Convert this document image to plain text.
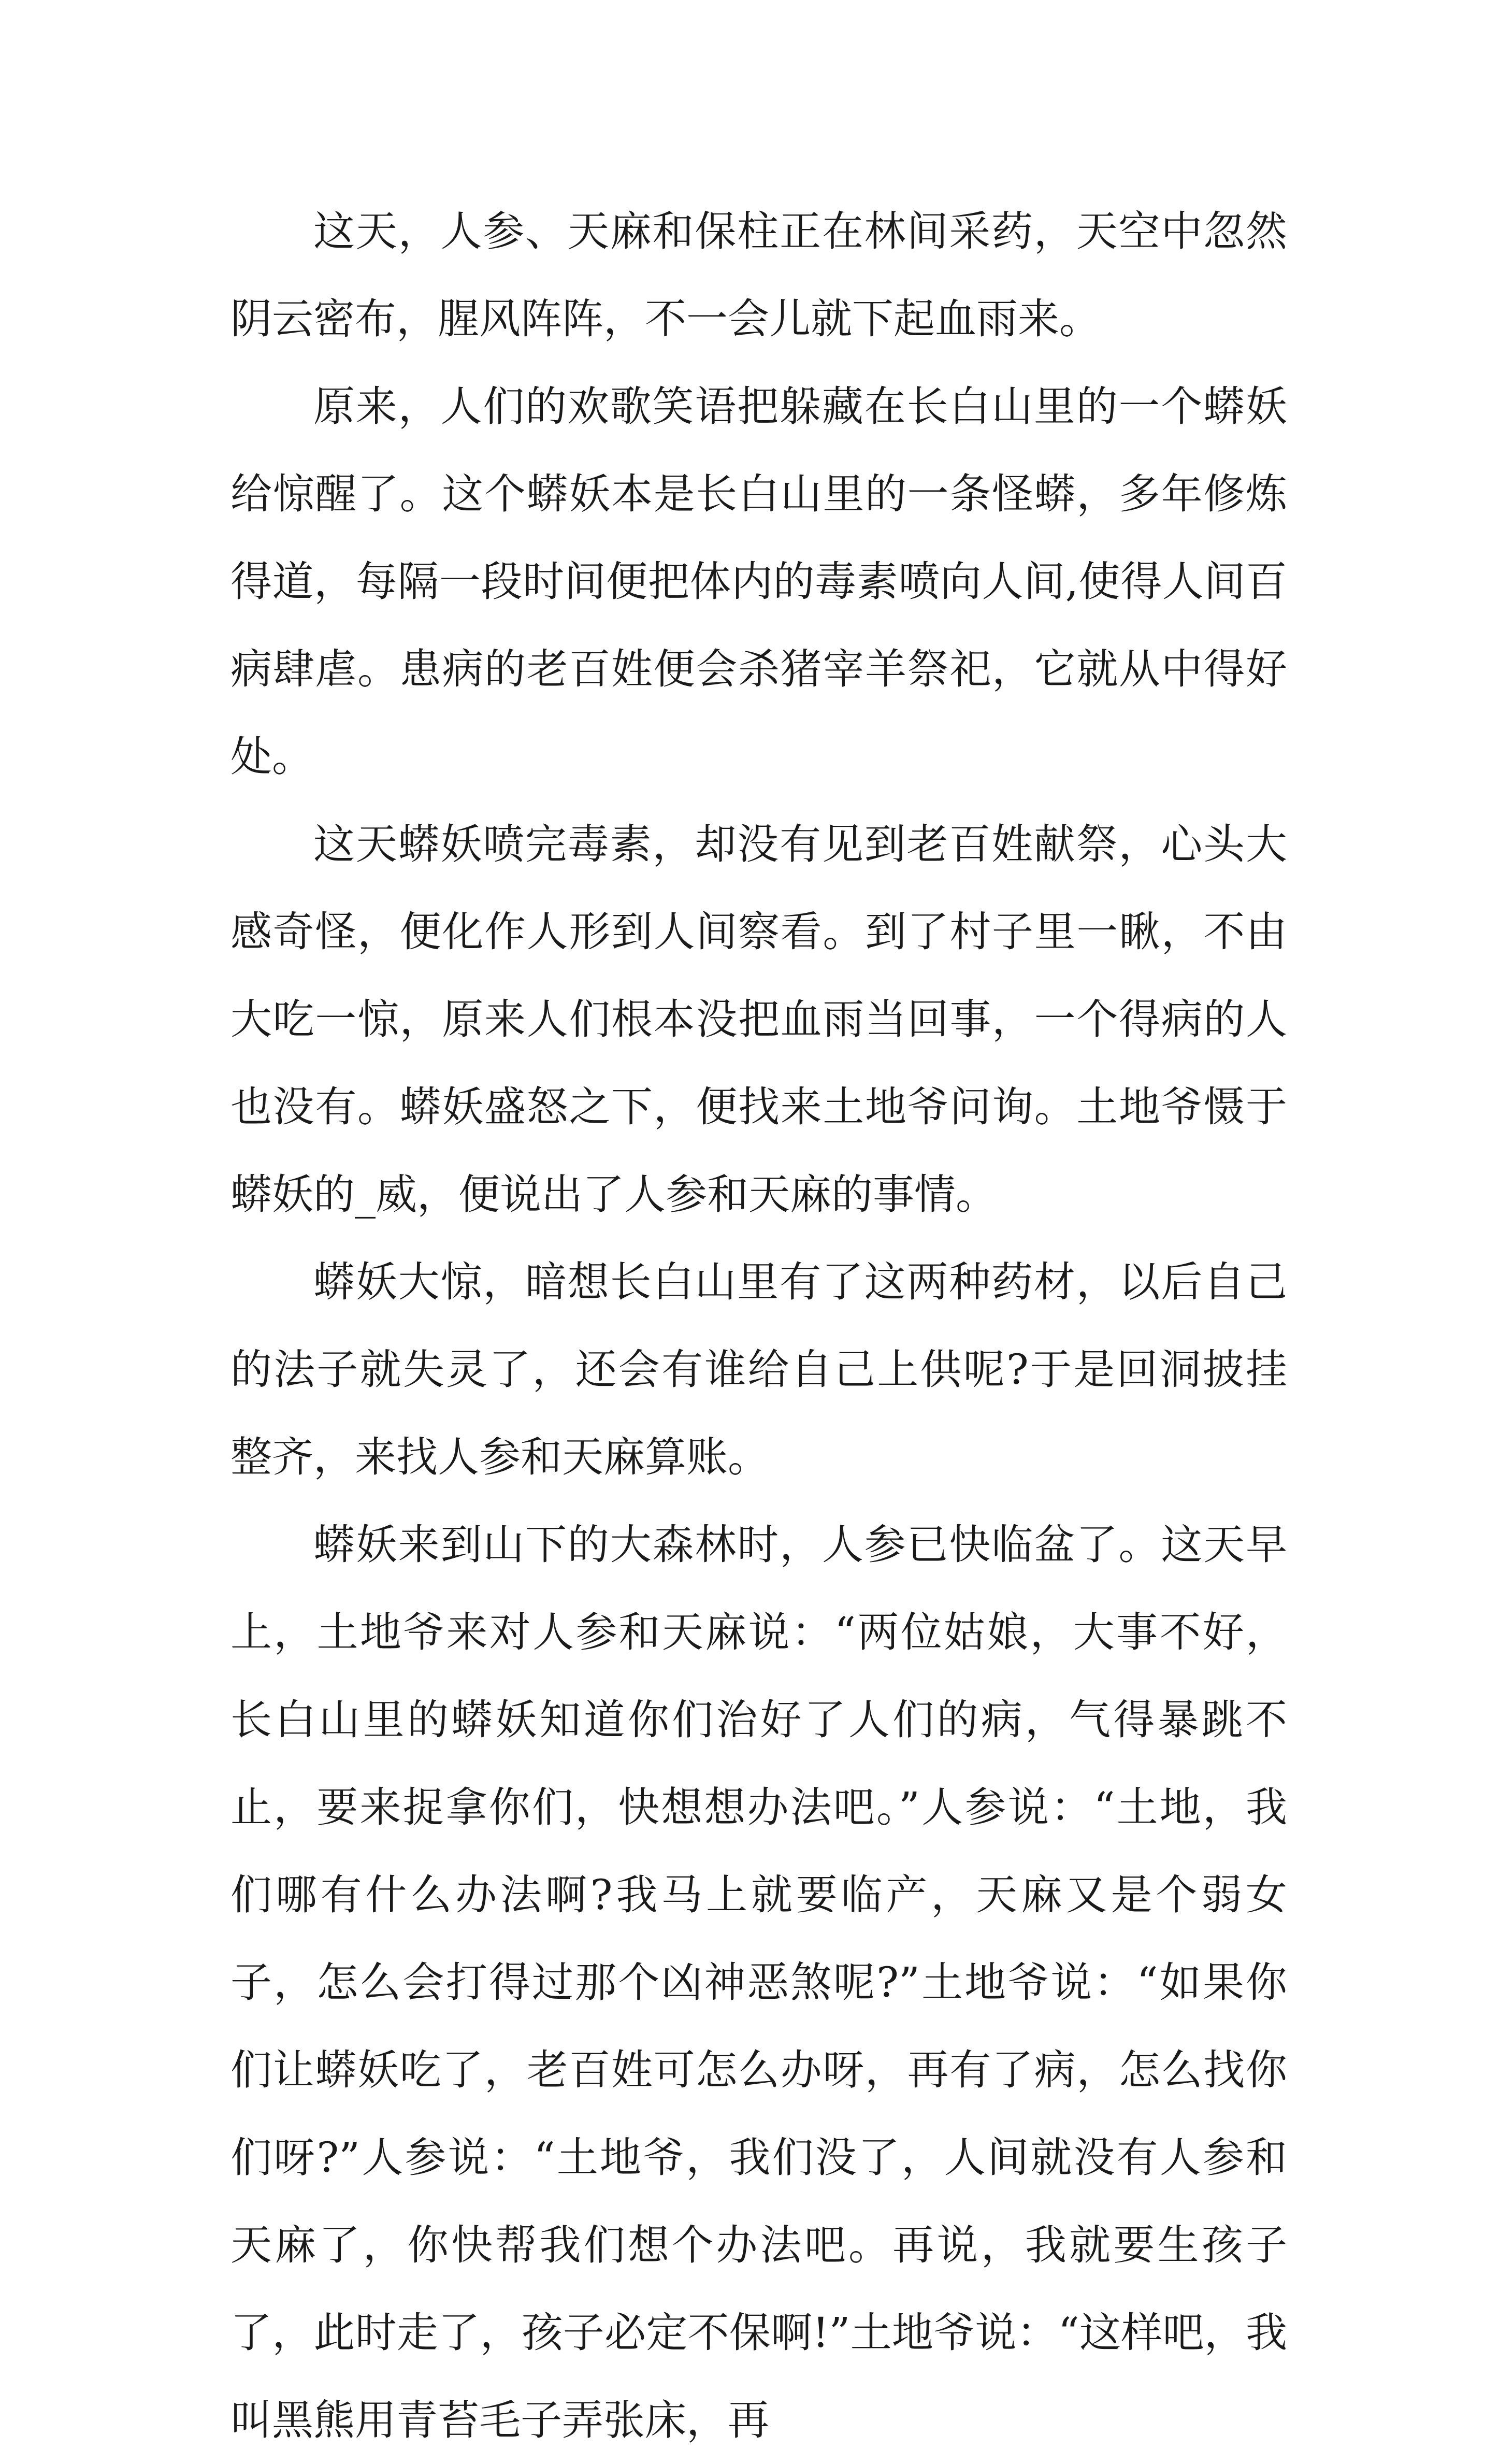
这天，人参、天麻和保柱正在林间采药，天空中忽然阴云密布，腥风阵阵，不一会儿就下起血雨来。

原来，人们的欢歌笑语把躲藏在长白山里的一个蟒妖给惊醒了。这个蟒妖本是长白山里的一条怪蟒，多年修炼得道，每隔一段时间便把体内的毒素喷向人间,使得人间百病肆虐。患病的老百姓便会杀猪宰羊祭祀，它就从中得好处。

这天蟒妖喷完毒素，却没有见到老百姓献祭，心头大感奇怪，便化作人形到人间察看。到了村子里一瞅，不由大吃一惊，原来人们根本没把血雨当回事，一个得病的人也没有。蟒妖盛怒之下，便找来土地爷问询。土地爷慑于蟒妖的_威，便说出了人参和天麻的事情。

蟒妖大惊，暗想长白山里有了这两种药材，以后自己的法子就失灵了，还会有谁给自己上供呢?于是回洞披挂整齐，来找人参和天麻算账。

蟒妖来到山下的大森林时，人参已快临盆了。这天早上，土地爷来对人参和天麻说：“两位姑娘，大事不好，长白山里的蟒妖知道你们治好了人们的病，气得暴跳不止，要来捉拿你们，快想想办法吧。”人参说：“土地，我们哪有什么办法啊?我马上就要临产，天麻又是个弱女子，怎么会打得过那个凶神恶煞呢?”土地爷说：“如果你们让蟒妖吃了，老百姓可怎么办呀，再有了病，怎么找你们呀?”人参说：“土地爷，我们没了，人间就没有人参和天麻了，你快帮我们想个办法吧。再说，我就要生孩子了，此时走了，孩子必定不保啊!”土地爷说：“这样吧，我叫黑熊用青苔毛子弄张床，再
